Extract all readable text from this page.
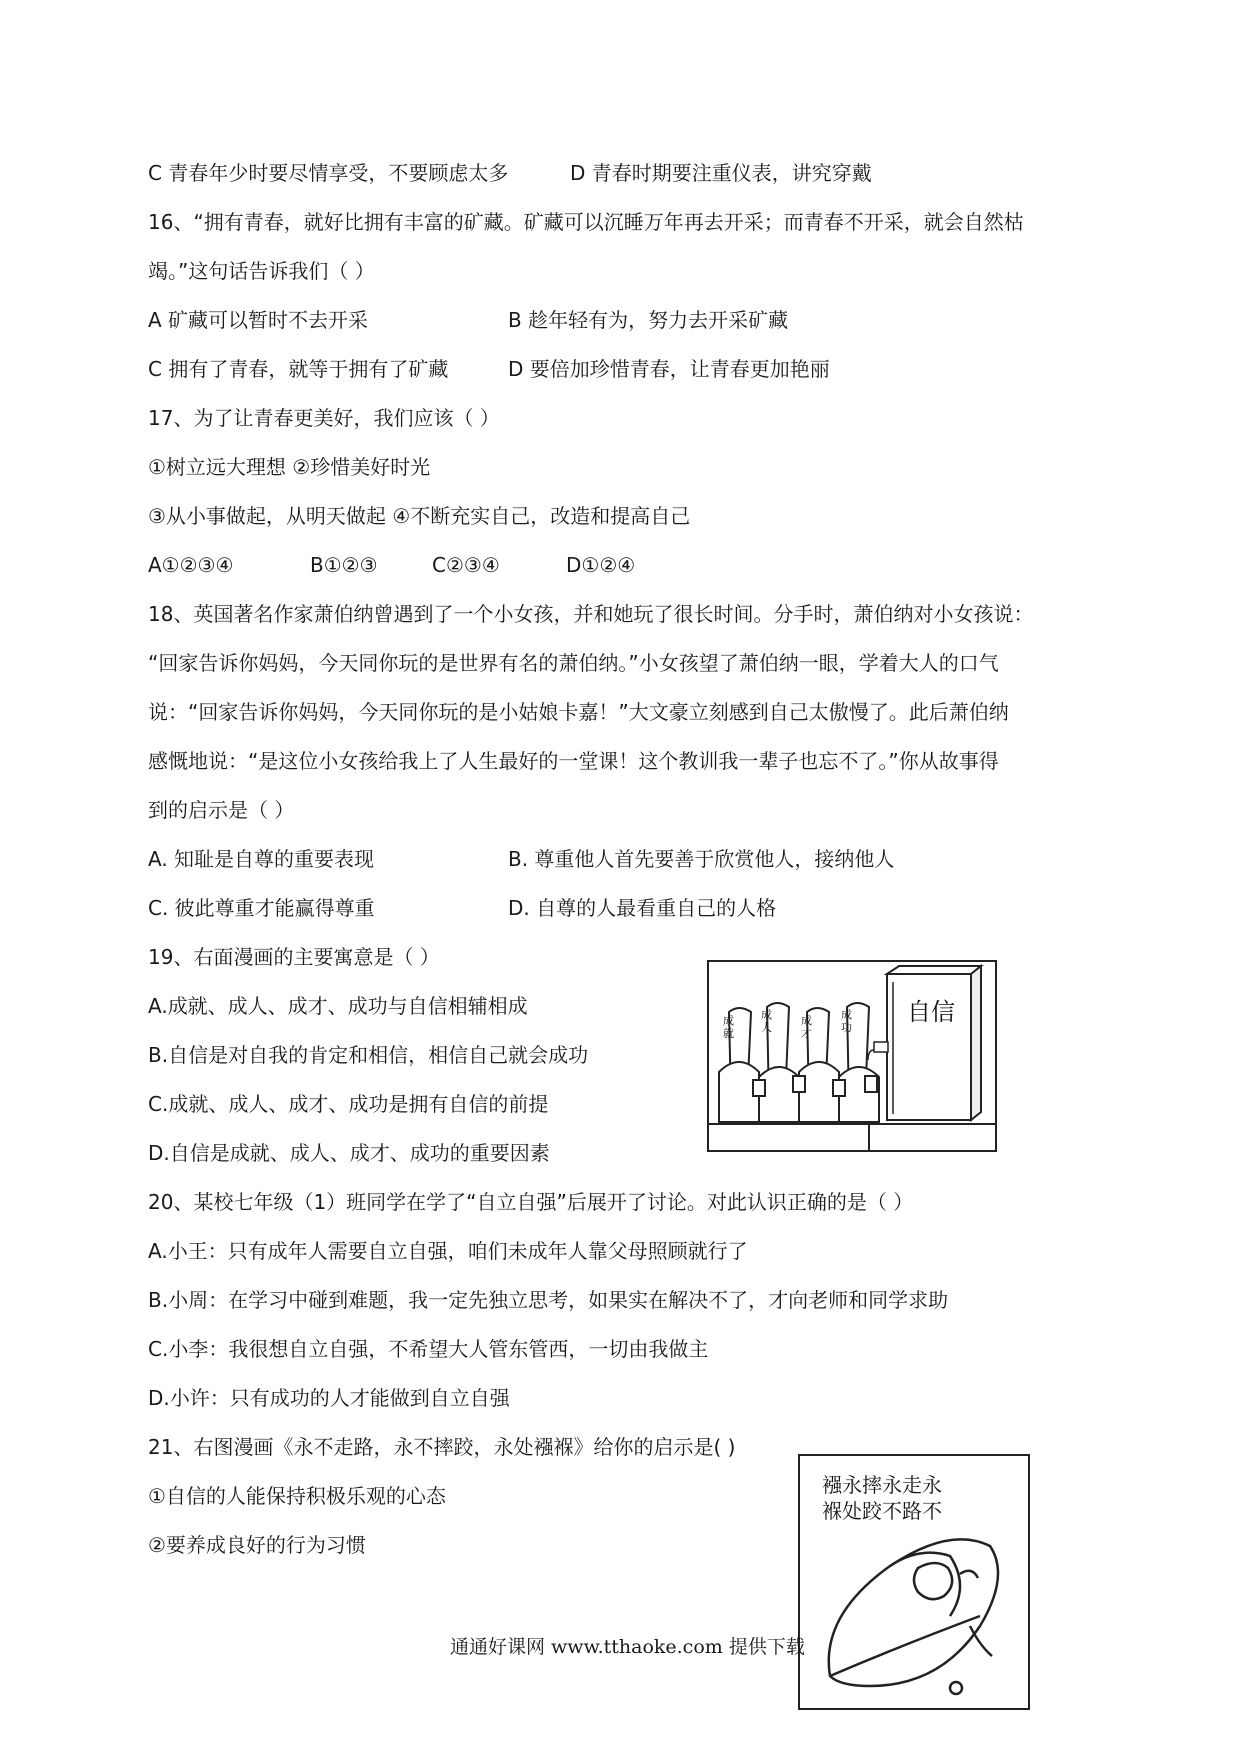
C 青春年少时要尽情享受，不要顾虑太多	D 青春时期要注重仪表，讲究穿戴
16、“拥有青春，就好比拥有丰富的矿藏。矿藏可以沉睡万年再去开采；而青春不开采，就会自然枯
竭。”这句话告诉我们（ ）
A 矿藏可以暂时不去开采	B 趁年轻有为，努力去开采矿藏
C 拥有了青春，就等于拥有了矿藏	D 要倍加珍惜青春，让青春更加艳丽
17、为了让青春更美好，我们应该（ ）
①树立远大理想 ②珍惜美好时光
③从小事做起，从明天做起 ④不断充实自己，改造和提高自己
A①②③④	B①②③	C②③④	D①②④
18、英国著名作家萧伯纳曾遇到了一个小女孩，并和她玩了很长时间。分手时，萧伯纳对小女孩说：
“回家告诉你妈妈，今天同你玩的是世界有名的萧伯纳。”小女孩望了萧伯纳一眼，学着大人的口气
说：“回家告诉你妈妈，今天同你玩的是小姑娘卡嘉！”大文豪立刻感到自己太傲慢了。此后萧伯纳
感慨地说：“是这位小女孩给我上了人生最好的一堂课！这个教训我一辈子也忘不了。”你从故事得
到的启示是（ ）
A. 知耻是自尊的重要表现	B. 尊重他人首先要善于欣赏他人，接纳他人
C. 彼此尊重才能赢得尊重	D. 自尊的人最看重自己的人格
19、右面漫画的主要寓意是（ ）
A.成就、成人、成才、成功与自信相辅相成
B.自信是对自我的肯定和相信，相信自己就会成功
C.成就、成人、成才、成功是拥有自信的前提
D.自信是成就、成人、成才、成功的重要因素
自信
成就
成人
成才
成功
20、某校七年级（1）班同学在学了“自立自强”后展开了讨论。对此认识正确的是（ ）
A.小王：只有成年人需要自立自强，咱们未成年人靠父母照顾就行了
B.小周：在学习中碰到难题，我一定先独立思考，如果实在解决不了，才向老师和同学求助
C.小李：我很想自立自强，不希望大人管东管西，一切由我做主
D.小许：只有成功的人才能做到自立自强
21、右图漫画《永不走路，永不摔跤，永处襁褓》给你的启示是( )
①自信的人能保持积极乐观的心态
②要养成良好的行为习惯
襁永摔永走永
褓处跤不路不
通通好课网 www.tthaoke.com 提供下载
